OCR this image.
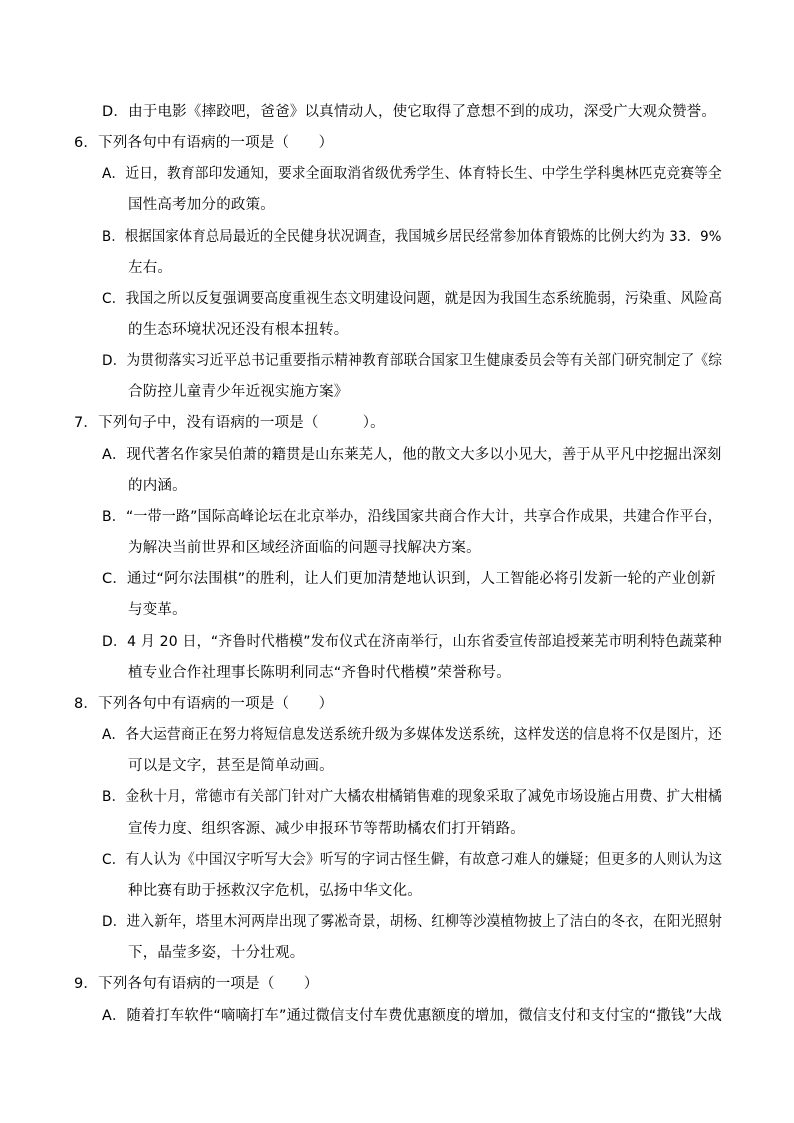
D．由于电影《摔跤吧，爸爸》以真情动人，使它取得了意想不到的成功，深受广大观众赞誉。
6．下列各句中有语病的一项是（　　）
A．近日，教育部印发通知，要求全面取消省级优秀学生、体育特长生、中学生学科奥林匹克竞赛等全
国性高考加分的政策。
B．根据国家体育总局最近的全民健身状况调查，我国城乡居民经常参加体育锻炼的比例大约为 33．9%
左右。
C．我国之所以反复强调要高度重视生态文明建设问题，就是因为我国生态系统脆弱，污染重、风险高
的生态环境状况还没有根本扭转。
D．为贯彻落实习近平总书记重要指示精神教育部联合国家卫生健康委员会等有关部门研究制定了《综
合防控儿童青少年近视实施方案》
7．下列句子中，没有语病的一项是（　　　）。
A．现代著名作家吴伯萧的籍贯是山东莱芜人，他的散文大多以小见大，善于从平凡中挖掘出深刻
的内涵。
B．“一带一路”国际高峰论坛在北京举办，沿线国家共商合作大计，共享合作成果，共建合作平台，
为解决当前世界和区域经济面临的问题寻找解决方案。
C．通过“阿尔法围棋”的胜利，让人们更加清楚地认识到，人工智能必将引发新一轮的产业创新
与变革。
D．4 月 20 日，“齐鲁时代楷模”发布仪式在济南举行，山东省委宣传部追授莱芜市明利特色蔬菜种
植专业合作社理事长陈明利同志“齐鲁时代楷模”荣誉称号。
8．下列各句中有语病的一项是（　　）
A．各大运营商正在努力将短信息发送系统升级为多媒体发送系统，这样发送的信息将不仅是图片，还
可以是文字，甚至是简单动画。
B．金秋十月，常德市有关部门针对广大橘农柑橘销售难的现象采取了减免市场设施占用费、扩大柑橘
宣传力度、组织客源、减少申报环节等帮助橘农们打开销路。
C．有人认为《中国汉字听写大会》听写的字词古怪生僻，有故意刁难人的嫌疑；但更多的人则认为这
种比赛有助于拯救汉字危机，弘扬中华文化。
D．进入新年，塔里木河两岸出现了雾凇奇景，胡杨、红柳等沙漠植物披上了洁白的冬衣，在阳光照射
下，晶莹多姿，十分壮观。
9．下列各句有语病的一项是（　　）
A．随着打车软件“嘀嘀打车”通过微信支付车费优惠额度的增加，微信支付和支付宝的“撒钱”大战
